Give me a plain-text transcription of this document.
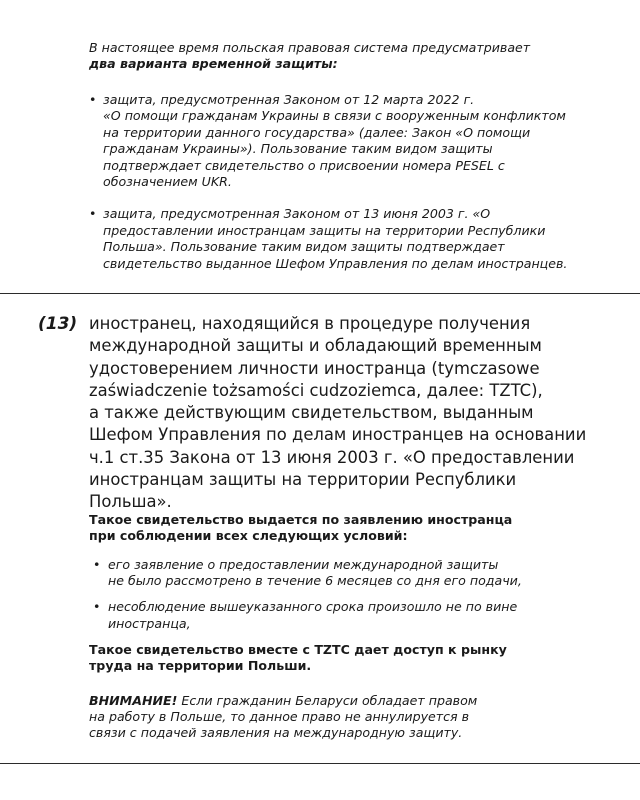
В настоящее время польская правовая система предусматривает
два варианта временной защиты:

• защита, предусмотренная Законом от 12 марта 2022 г.
«О помощи гражданам Украины в связи с вооруженным конфликтом
на территории данного государства» (далее: Закон «О помощи
гражданам Украины»). Пользование таким видом защиты
подтверждает свидетельство о присвоении номера PESEL с
обозначением UKR.
• защита, предусмотренная Законом от 13 июня 2003 г. «О
предоставлении иностранцам защиты на территории Республики
Польша». Пользование таким видом защиты подтверждает
свидетельство выданное Шефом Управления по делам иностранцев.
(13) иностранец, находящийся в процедуре получения
международной защиты и обладающий временным
удостоверением личности иностранца (tymczasowe
zaświadczenie tożsamości cudzoziemca, далее: TZTC),
а также действующим свидетельством, выданным
Шефом Управления по делам иностранцев на основании
ч.1 ст.35 Закона от 13 июня 2003 г. «О предоставлении
иностранцам защиты на территории Республики
Польша».
Такое свидетельство выдается по заявлению иностранца
при соблюдении всех следующих условий:
• его заявление о предоставлении международной защиты
не было рассмотрено в течение 6 месяцев со дня его подачи,
• несоблюдение вышеуказанного срока произошло не по вине
иностранца,
Такое свидетельство вместе с TZTC дает доступ к рынку
труда на территории Польши.
ВНИМАНИЕ! Если гражданин Беларуси обладает правом
на работу в Польше, то данное право не аннулируется в
связи с подачей заявления на международную защиту.
